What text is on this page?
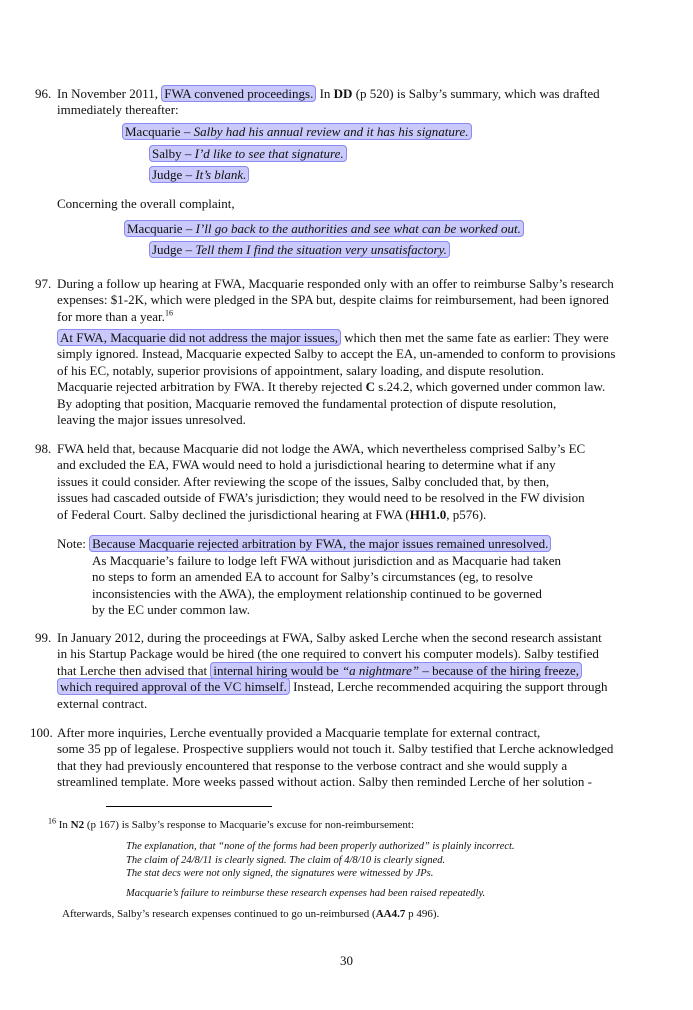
96. In November 2011, FWA convened proceedings. In DD (p 520) is Salby’s summary, which was drafted
immediately thereafter:
Macquarie – Salby had his annual review and it has his signature.
Salby – I’d like to see that signature.
Judge – It’s blank.
Concerning the overall complaint,
Macquarie – I’ll go back to the authorities and see what can be worked out.
Judge – Tell them I find the situation very unsatisfactory.
97. During a follow up hearing at FWA, Macquarie responded only with an offer to reimburse Salby’s research
expenses: $1-2K, which were pledged in the SPA but, despite claims for reimbursement, had been ignored
for more than a year.$^{16}$
At FWA, Macquarie did not address the major issues, which then met the same fate as earlier: They were
simply ignored. Instead, Macquarie expected Salby to accept the EA, un-amended to conform to provisions
of his EC, notably, superior provisions of appointment, salary loading, and dispute resolution.
Macquarie rejected arbitration by FWA. It thereby rejected C s.24.2, which governed under common law.
By adopting that position, Macquarie removed the fundamental protection of dispute resolution,
leaving the major issues unresolved.
98. FWA held that, because Macquarie did not lodge the AWA, which nevertheless comprised Salby’s EC
and excluded the EA, FWA would need to hold a jurisdictional hearing to determine what if any
issues it could consider. After reviewing the scope of the issues, Salby concluded that, by then,
issues had cascaded outside of FWA’s jurisdiction; they would need to be resolved in the FW division
of Federal Court. Salby declined the jurisdictional hearing at FWA (HH1.0, p576).
Note: Because Macquarie rejected arbitration by FWA, the major issues remained unresolved.
As Macquarie’s failure to lodge left FWA without jurisdiction and as Macquarie had taken
no steps to form an amended EA to account for Salby’s circumstances (eg, to resolve
inconsistencies with the AWA), the employment relationship continued to be governed
by the EC under common law.
99. In January 2012, during the proceedings at FWA, Salby asked Lerche when the second research assistant
in his Startup Package would be hired (the one required to convert his computer models). Salby testified
that Lerche then advised that internal hiring would be “a nightmare” – because of the hiring freeze,
which required approval of the VC himself. Instead, Lerche recommended acquiring the support through
external contract.
100. After more inquiries, Lerche eventually provided a Macquarie template for external contract,
some 35 pp of legalese. Prospective suppliers would not touch it. Salby testified that Lerche acknowledged
that they had previously encountered that response to the verbose contract and she would supply a
streamlined template. More weeks passed without action. Salby then reminded Lerche of her solution -
$^{16}$ In N2 (p 167) is Salby’s response to Macquarie’s excuse for non-reimbursement:
The explanation, that “none of the forms had been properly authorized” is plainly incorrect.
The claim of 24/8/11 is clearly signed. The claim of 4/8/10 is clearly signed.
The stat decs were not only signed, the signatures were witnessed by JPs.
Macquarie’s failure to reimburse these research expenses had been raised repeatedly.
Afterwards, Salby’s research expenses continued to go un-reimbursed (AA4.7 p 496).
30
